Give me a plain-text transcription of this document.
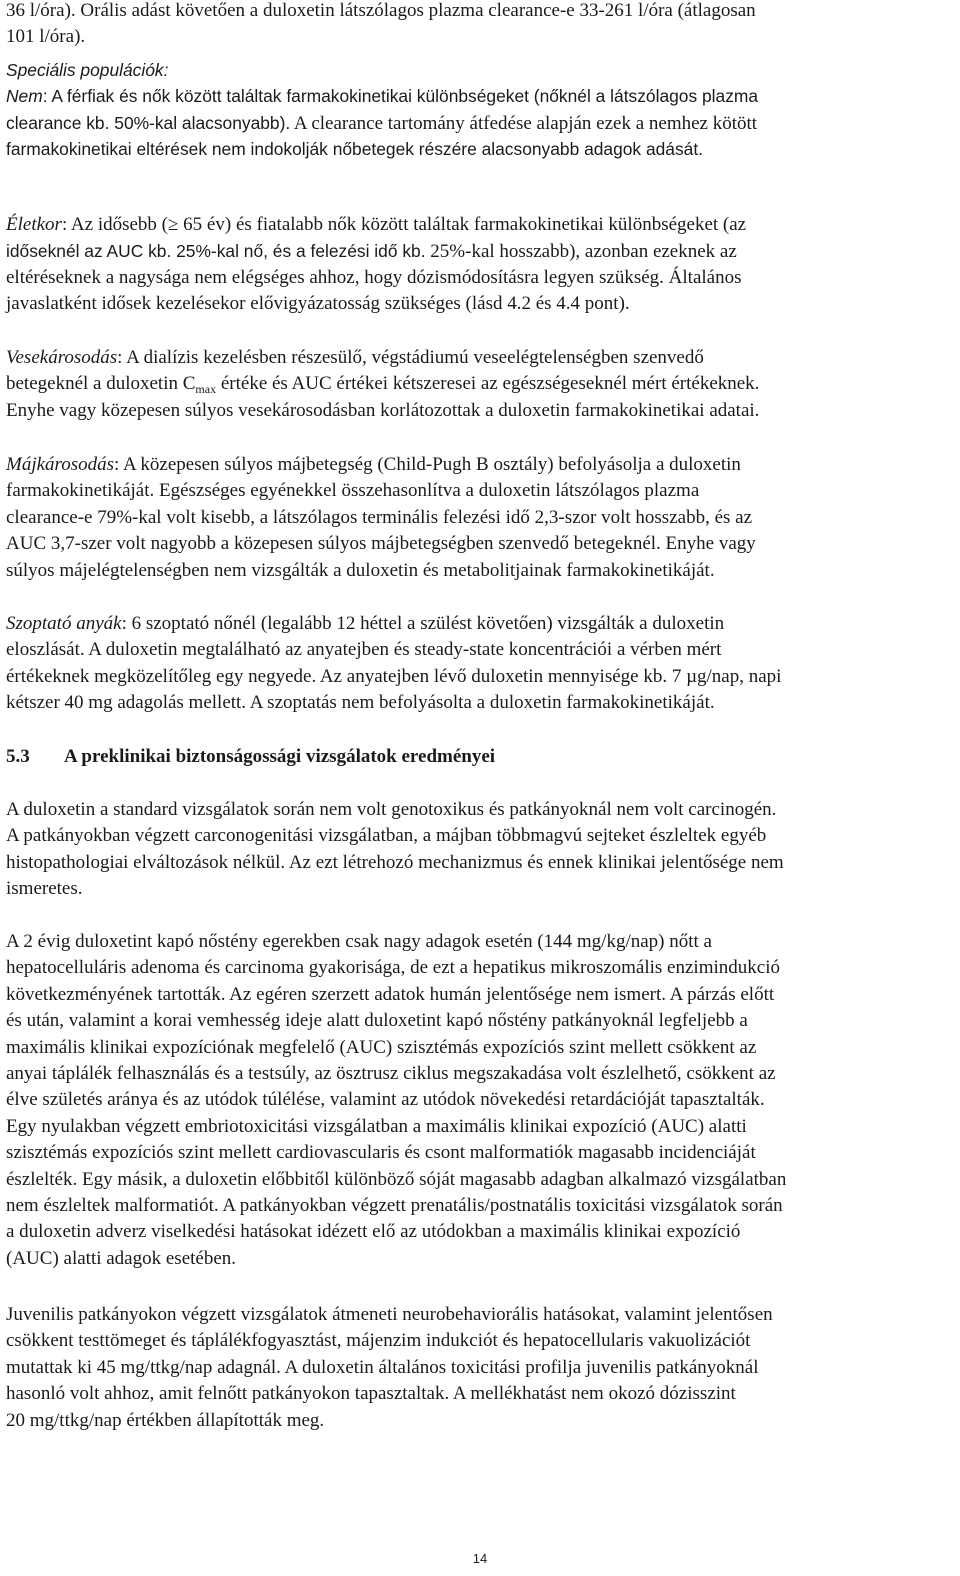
36 l/óra). Orális adást követően a duloxetin látszólagos plazma clearance-e 33-261 l/óra (átlagosan
101 l/óra).

Speciális populációk:
Nem: A férfiak és nők között találtak farmakokinetikai különbségeket (nőknél a látszólagos plazma
clearance kb. 50%-kal alacsonyabb). A clearance tartomány átfedése alapján ezek a nemhez kötött
farmakokinetikai eltérések nem indokolják nőbetegek részére alacsonyabb adagok adását.

Életkor: Az idősebb (≥ 65 év) és fiatalabb nők között találtak farmakokinetikai különbségeket (az
időseknél az AUC kb. 25%-kal nő, és a felezési idő kb. 25%-kal hosszabb), azonban ezeknek az
eltéréseknek a nagysága nem elégséges ahhoz, hogy dózismódosításra legyen szükség. Általános
javaslatként idősek kezelésekor elővigyázatosság szükséges (lásd 4.2 és 4.4 pont).

Vesekárosodás: A dialízis kezelésben részesülő, végstádiumú veseelégtelenségben szenvedő
betegeknél a duloxetin $C_{max}$ értéke és AUC értékei kétszeresei az egészségeseknél mért értékeknek.
Enyhe vagy közepesen súlyos vesekárosodásban korlátozottak a duloxetin farmakokinetikai adatai.

Májkárosodás: A közepesen súlyos májbetegség (Child-Pugh B osztály) befolyásolja a duloxetin
farmakokinetikáját. Egészséges egyénekkel összehasonlítva a duloxetin látszólagos plazma
clearance-e 79%-kal volt kisebb, a látszólagos terminális felezési idő 2,3-szor volt hosszabb, és az
AUC 3,7-szer volt nagyobb a közepesen súlyos májbetegségben szenvedő betegeknél. Enyhe vagy
súlyos májelégtelenségben nem vizsgálták a duloxetin és metabolitjainak farmakokinetikáját.

Szoptató anyák: 6 szoptató nőnél (legalább 12 héttel a szülést követően) vizsgálták a duloxetin
eloszlását. A duloxetin megtalálható az anyatejben és steady-state koncentrációi a vérben mért
értékeknek megközelítőleg egy negyede. Az anyatejben lévő duloxetin mennyisége kb. 7 µg/nap, napi
kétszer 40 mg adagolás mellett. A szoptatás nem befolyásolta a duloxetin farmakokinetikáját.

5.3 A preklinikai biztonságossági vizsgálatok eredményei

A duloxetin a standard vizsgálatok során nem volt genotoxikus és patkányoknál nem volt carcinogén.
A patkányokban végzett carconogenitási vizsgálatban, a májban többmagvú sejteket észleltek egyéb
histopathologiai elváltozások nélkül. Az ezt létrehozó mechanizmus és ennek klinikai jelentősége nem
ismeretes.

A 2 évig duloxetint kapó nőstény egerekben csak nagy adagok esetén (144 mg/kg/nap) nőtt a
hepatocelluláris adenoma és carcinoma gyakorisága, de ezt a hepatikus mikroszomális enzimindukció
következményének tartották. Az egéren szerzett adatok humán jelentősége nem ismert. A párzás előtt
és után, valamint a korai vemhesség ideje alatt duloxetint kapó nőstény patkányoknál legfeljebb a
maximális klinikai expozíciónak megfelelő (AUC) szisztémás expozíciós szint mellett csökkent az
anyai táplálék felhasználás és a testsúly, az ösztrusz ciklus megszakadása volt észlelhető, csökkent az
élve születés aránya és az utódok túlélése, valamint az utódok növekedési retardációját tapasztalták.
Egy nyulakban végzett embriotoxicitási vizsgálatban a maximális klinikai expozíció (AUC) alatti
szisztémás expozíciós szint mellett cardiovascularis és csont malformatiók magasabb incidenciáját
észlelték. Egy másik, a duloxetin előbbitől különböző sóját magasabb adagban alkalmazó vizsgálatban
nem észleltek malformatiót. A patkányokban végzett prenatális/postnatális toxicitási vizsgálatok során
a duloxetin adverz viselkedési hatásokat idézett elő az utódokban a maximális klinikai expozíció
(AUC) alatti adagok esetében.

Juvenilis patkányokon végzett vizsgálatok átmeneti neurobehaviorális hatásokat, valamint jelentősen
csökkent testtömeget és táplálékfogyasztást, májenzim indukciót és hepatocellularis vakuolizációt
mutattak ki 45 mg/ttkg/nap adagnál. A duloxetin általános toxicitási profilja juvenilis patkányoknál
hasonló volt ahhoz, amit felnőtt patkányokon tapasztaltak. A mellékhatást nem okozó dózisszint
20 mg/ttkg/nap értékben állapították meg.

14
